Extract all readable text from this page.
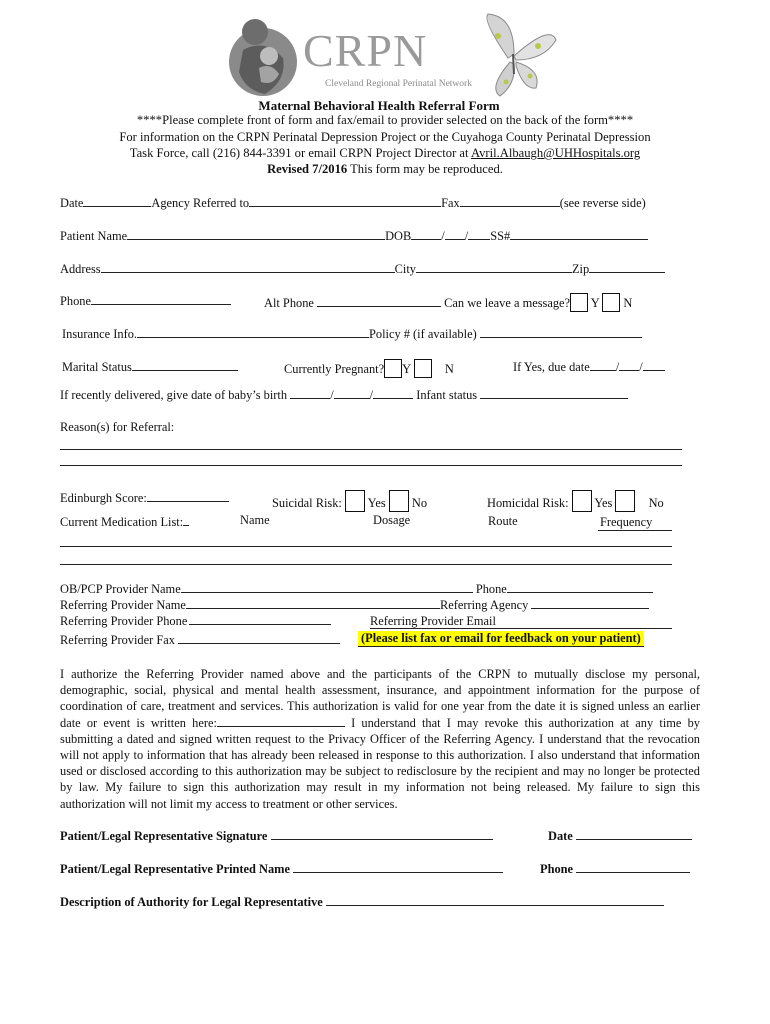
CRPN
Cleveland Regional Perinatal Network
Maternal Behavioral Health Referral Form
****Please complete front of form and fax/email to provider selected on the back of the form****
For information on the CRPN Perinatal Depression Project or the Cuyahoga County Perinatal Depression
Task Force, call (216) 844-3391 or email CRPN Project Director at Avril.Albaugh@UHHospitals.org
Revised 7/2016 This form may be reproduced.
Date	Agency Referred to	Fax	(see reverse side)
Patient Name	DOB / / SS#
Address	City	Zip
Phone	Alt Phone	Can we leave a message? Y N
Insurance Info.	Policy # (if available)
Marital Status	Currently Pregnant? Y	N	If Yes, due date / /
If recently delivered, give date of baby’s birth	/	/	Infant status
Reason(s) for Referral:
Edinburgh Score:	Suicidal Risk: Yes No	Homicidal Risk: Yes	No
Current Medication List:	Name	Dosage	Route	Frequency
OB/PCP Provider Name	Phone
Referring Provider Name	Referring Agency
Referring Provider Phone	Referring Provider Email
Referring Provider Fax	(Please list fax or email for feedback on your patient)
I authorize the Referring Provider named above and the participants of the CRPN to mutually disclose my personal, demographic, social, physical and mental health assessment, insurance, and appointment information for the purpose of coordination of care, treatment and services. This authorization is valid for one year from the date it is signed unless an earlier date or event is written here:	I understand that I may revoke this authorization at any time by submitting a dated and signed written request to the Privacy Officer of the Referring Agency. I understand that the revocation will not apply to information that has already been released in response to this authorization. I also understand that information used or disclosed according to this authorization may be subject to redisclosure by the recipient and may no longer be protected by law. My failure to sign this authorization may result in my information not being released. My failure to sign this authorization will not limit my access to treatment or other services.
Patient/Legal Representative Signature	Date
Patient/Legal Representative Printed Name	Phone
Description of Authority for Legal Representative
